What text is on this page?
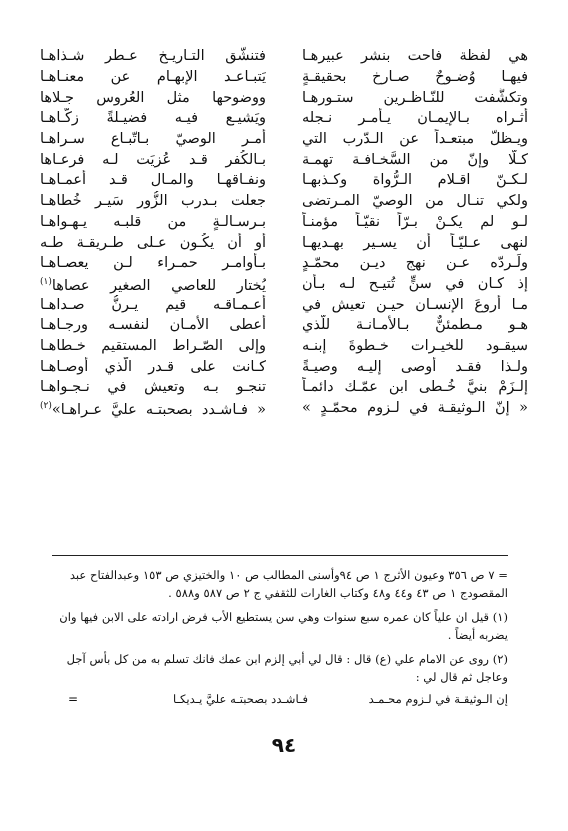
هي لفظة فاحت بنشر عبيرهـا
فتنشّق التـاريـخ عـطر شـذاهـا
فيهـا وُضـوحٌ صـارخ بحقيقـةٍ
يَتبـاعـد الإبهـام عن معنـاهـا
وتكشَّفت للنّـاظـرين ستـورهـا
ووضوحها مثل العُروس جـلاها
أثـراه بـالإيمـان يـأمـر نـجله
ويَشيـع فيـه فضيـلةً زكّـاهـا
ويـظلّ مبتعـداً عن الـدّرب التي
أمـر الوصيّ بـاتّبـاع سـراهـا
كـلّا وإنّ من السَّخـافـة تهمـة
بـالكُفر قـد عُزيَت لـه فرعـاها
لـكـنّ اقـلام الـرُّواة وكـذبهـا
ونفـاقهـا والمـال قـد أعمـاهـا
ولكي تنـال من الوصيّ المـرتضى
جعلت بـدرب الزُّور سَيـر خُطاهـا
لـو لم يكـنْ بـرّاً نقيّـاً مؤمنـاً
بـرسـالـةٍ من قلبـه يـهـواهـا
لنهى عـليّـاً أن يسـير بهـديهـا
أو أن يكُـون عـلى طـريقـة طـه
ولَـردّه عـن نهج ديـن محمّـدٍ
بـأوامـر حمـراء لـن يعصـاهـا
إذ كـان في سنٍّ تُتيـح لـه بـأن
يُختار للعاصي الصغير عصاها$^{(١)}$
مـا أروعَ الإنسـان حيـن تعيش في
أعـمـاقـه قيم يـرنُّ صـداهـا
هـو مـطمئنٌّ بـالأمـانـة للّذي
أعطى الأمـان لنفسـه ورجـاهـا
سيقـود للخيـرات خـطوةَ إبنـه
وإلى الصّـراط المستقيم خـطاهـا
ولـذا فقـد أوصى إليـه وصيـةً
كـانت على قـدر الّذي أوصـاهـا
إلـزَمْ بنيَّ خُـطى ابن عمّـك دائمـاً
تنجـو بـه وتعيش في نـجـواهـا
« إنّ الـوثيقـة في لـزوم محمّـدٍ »
« فـاشـدد بصحبتـه عليَّ عـراهـا»$^{(٢)}$

= ٧ ص ٣٥٦ وعيون الأثرج ١ ص ٩٤وأسنى المطالب ص ١٠ والختيزي ص ١٥٣ وعبدالفتاح عبد المقصودج ١ ص ٤٣ و٤٤ و٤٨ وكتاب الغارات للثقفي ج ٢ ص ٥٨٧ و٥٨٨ .

(١) قيل ان علياً كان عمره سبع سنوات وهي سن يستطيع الأب فرض ارادته على الابن فيها وان يضربه أيضاً .

(٢) روى عن الامام علي (ع) قال : قال لي أبي إلزم ابن عمك فانك تسلم به من كل بأس آجل وعاجل ثم قال لي :

إن الـوثيقـة في لـزوم محـمـد
فـاشـدد بصحبتـه عليَّ يـديكـا
=
٩٤
